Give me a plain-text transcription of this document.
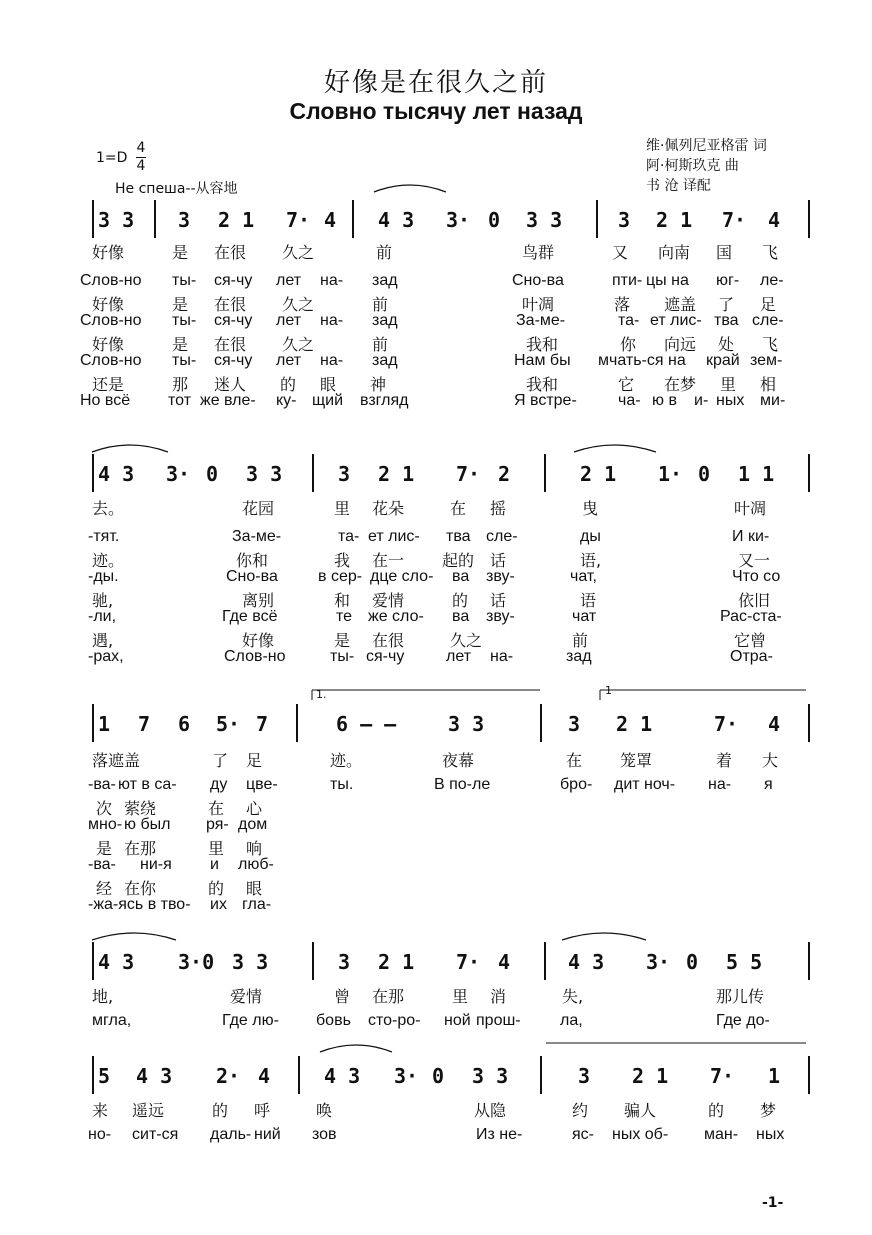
好像是在很久之前
Словно тысячу лет назад
维·佩列尼亚格雷 词
阿·柯斯玖克 曲
书 沧 译配
1=D
4
4
Не спеша--从容地
3 3 3 2 1 7· 4 4 3 3· 0 3 3	3 2 1 7· 4
好像	是 在很 久之	前	鸟群	又 向南 国 飞
Слов-но ты- ся-чу лет на- зад	Сно-ва	пти- цы на юг- ле-
好像	是 在很 久之	前	叶凋	落 遮盖 了 足
Слов-но ты- ся-чу лет на- зад	За-ме-	та- ет лис- тва сле-
好像	是 在很 久之	前	我和	你 向远 处 飞
Слов-но ты- ся-чу лет на- зад	Нам бы мчать-ся на край зем-
还是	那 迷人 的 眼 神	我和	它 在梦 里 相
Но всё тот же вле- ку- щий взгляд	Я встре-	ча- ю в и- ных ми-
4 3 3· 0 3 3	3 2 1 7· 2	2 1 1· 0 1 1
去。	花园	里 花朵	在 摇	曳	叶凋
-тят.	За-ме-	та- ет лис- тва сле-	ды	И ки-
迹。	你和	我 在一 起的 话	语,	又一
-ды.	Сно-ва	в сер- дце сло- ва зву-	чат,	Что со
驰,	离别	和 爱情	的 话	语	依旧
-ли,	Где всё	те же сло- ва зву-	чат	Рас-ста-
遇,	好像	是 在很	久之	前	它曾
-рах,	Слов-но	ты- ся-чу	лет на-	зад	Отра-
1 7 6 5· 7	6 – –	3 3	3 2 1	7· 4
落遮盖	了 足	迹。	夜幕	在 笼罩	着 大
-ва- ют в са- ду цве-	ты.	В по-ле	бро- дит ноч- на- я
次 萦绕	在 心
мно- ю был ря- дом
是 在那	里 响
-ва- ни-я и люб-
经 在你	的 眼
-жа-ясь в тво- их гла-
4 3 3·0 3 3	3 2 1 7· 4	4 3 3· 0 5 5
地,	爱情	曾 在那	里 消	失,	那儿传
мгла,	Где лю- бовь сто-ро- ной прош- ла,	Где до-
5 4 3 2· 4	4 3 3· 0 3 3	3 2 1 7· 1
来 遥远	的 呼	唤	从隐	约 骗人	的 梦
но- сит-ся даль- ний зов	Из не-	яс- ных об- ман- ных
1.	1
-1-
